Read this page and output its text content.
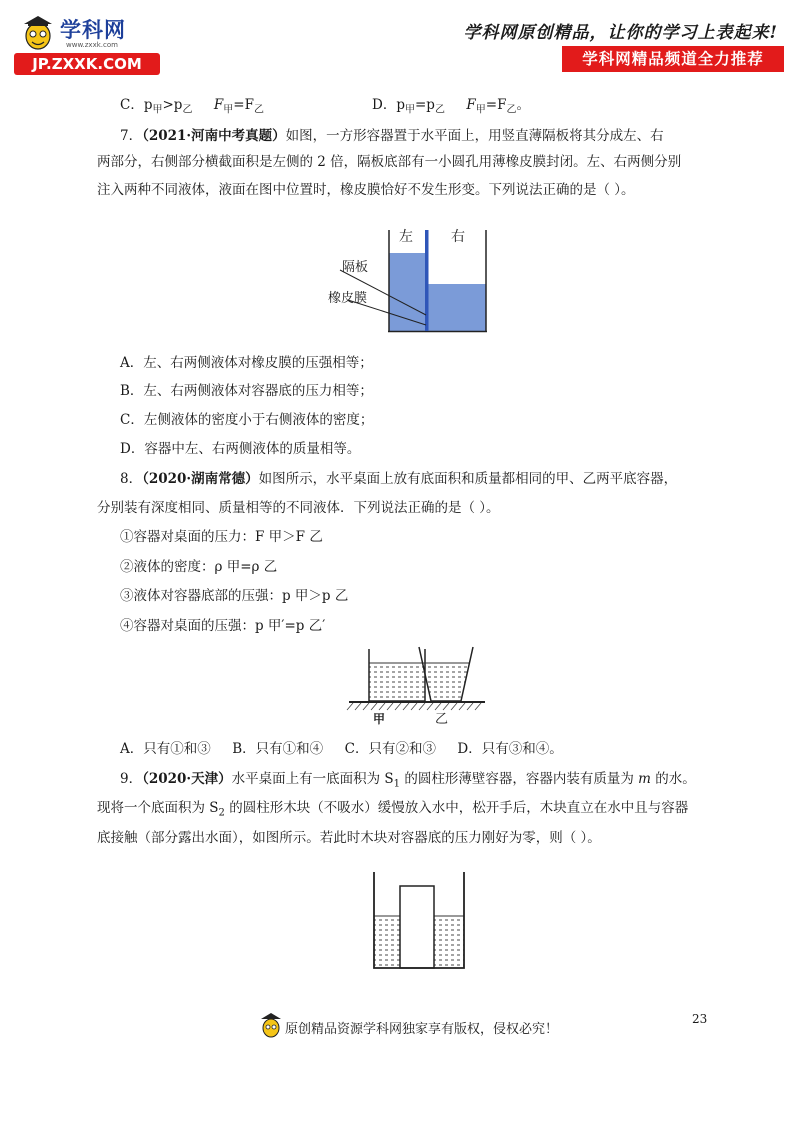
学科网
www.zxxk.com
JP.ZXXK.COM
学科网原创精品，让你的学习上表起来!
学科网精品频道全力推荐
C．$p_甲>p_乙$ $F_甲=F_乙$	D．$p_甲=p_乙$ $F_甲=F_乙$。
7．（2021·河南中考真题）如图，一方形容器置于水平面上，用竖直薄隔板将其分成左、右
两部分，右侧部分横截面积是左侧的 2 倍，隔板底部有一小圆孔用薄橡皮膜封闭。左、右两侧分别
注入两种不同液体，液面在图中位置时，橡皮膜恰好不发生形变。下列说法正确的是（ ）。
左	右
隔板
橡皮膜
A．左、右两侧液体对橡皮膜的压强相等；
B．左、右两侧液体对容器底的压力相等；
C．左侧液体的密度小于右侧液体的密度；
D．容器中左、右两侧液体的质量相等。
8．（2020·湖南常德）如图所示，水平桌面上放有底面积和质量都相同的甲、乙两平底容器，
分别装有深度相同、质量相等的不同液体．下列说法正确的是（ ）。
①容器对桌面的压力：F 甲＞F 乙
②液体的密度：ρ 甲=ρ 乙
③液体对容器底部的压强：p 甲＞p 乙
④容器对桌面的压强：p 甲′=p 乙′
甲	乙
A．只有①和③ B．只有①和④ C．只有②和③ D．只有③和④。
9．（2020·天津）水平桌面上有一底面积为 $S_1$ 的圆柱形薄壁容器，容器内装有质量为 m 的水。
现将一个底面积为 $S_2$ 的圆柱形木块（不吸水）缓慢放入水中，松开手后，木块直立在水中且与容器
底接触（部分露出水面），如图所示。若此时木块对容器底的压力刚好为零，则（ ）。
23
原创精品资源学科网独家享有版权，侵权必究！
